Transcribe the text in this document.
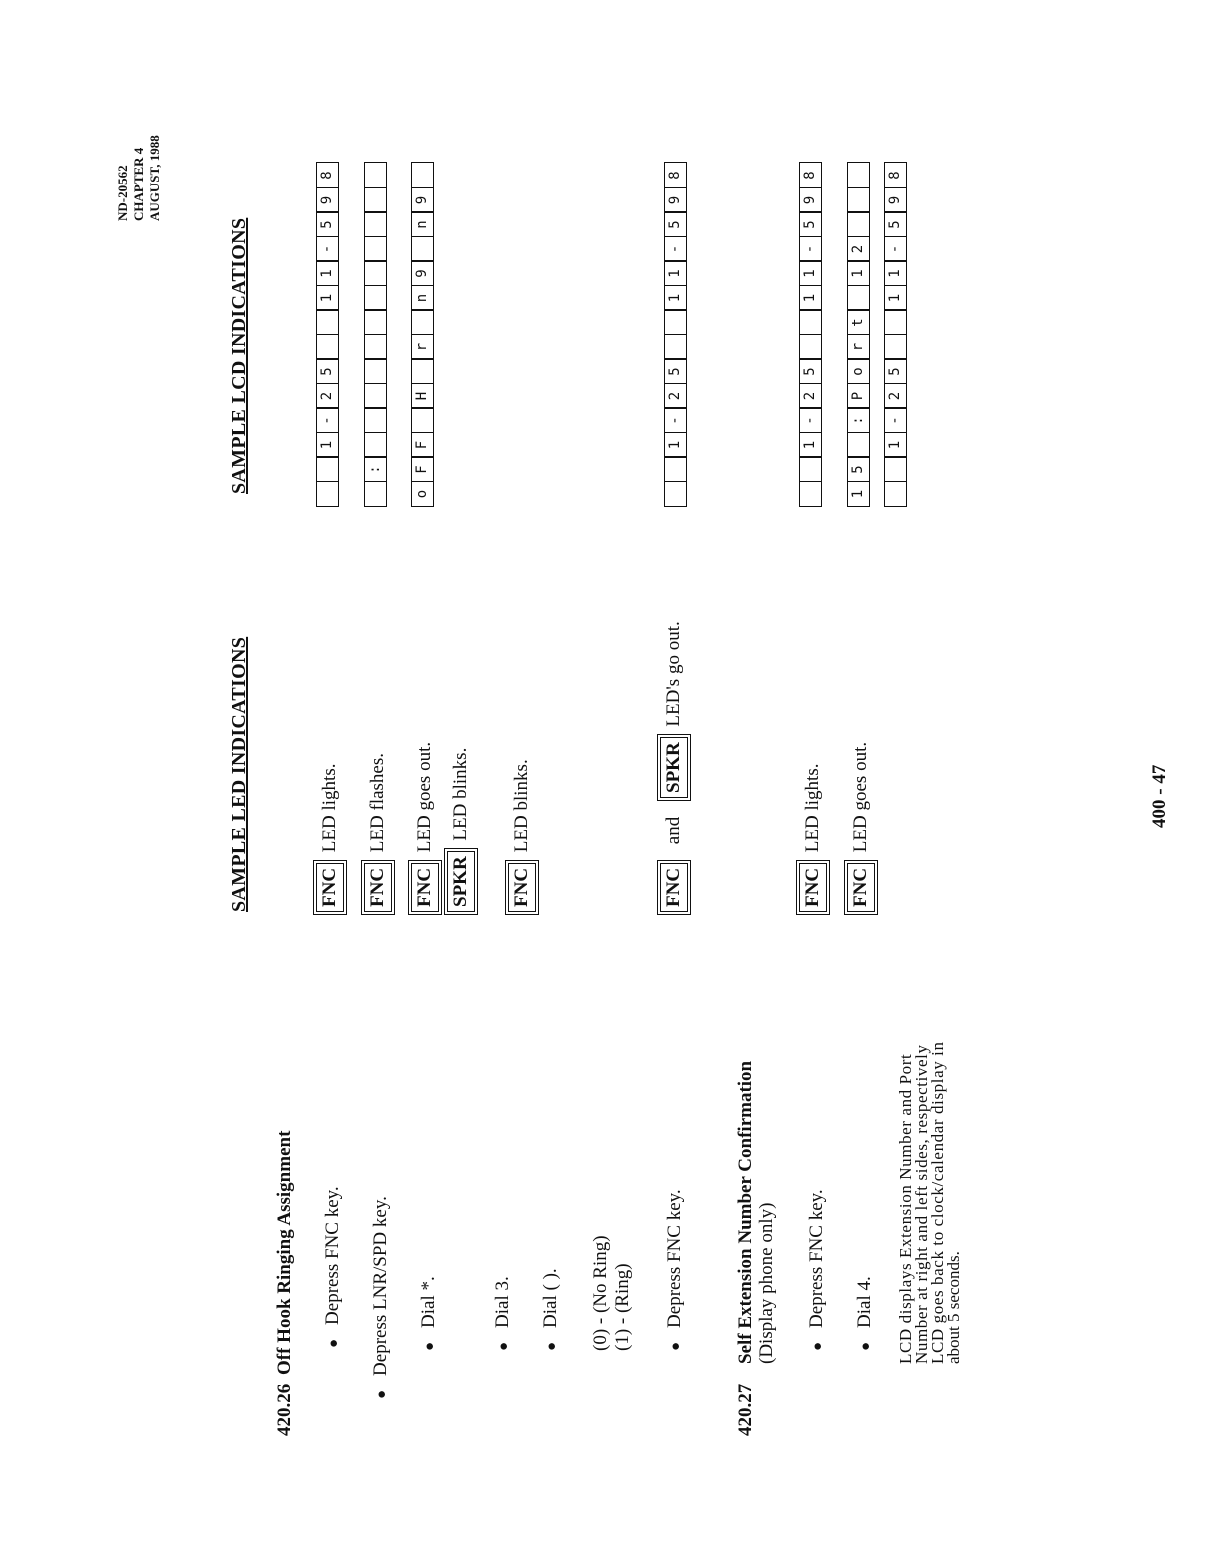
ND-20562 CHAPTER 4 AUGUST, 1988
SAMPLE LED INDICATIONS
SAMPLE LCD INDICATIONS
420.26 Off Hook Ringing Assignment ● Depress FNC key. ● Depress LNR/SPD key. ● Dial *.	● Dial 3. ● Dial ( ). (0) - (No Ring) (1) - (Ring) ● Depress FNC key.
FNC LED lights.
FNC LED flashes.
FNC LED goes out.
SPKR LED blinks.
FNC LED blinks.
FNC and SPKR LED's go out.
1
-
2
5
1
1
-
5
9
8
:
o
F
F
H
r
n
9
n
9
1
-
2
5
1
1
-
5
9
8
420.27
Self Extension Number Confirmation (Display phone only) ● Depress FNC key. ● Dial 4. LCD displays Extension Number and Port
Number at right and left sides, respectively
LCD goes back to clock/calendar display in
about 5 seconds.
FNC LED lights.
FNC LED goes out.
1
-
2
5
1
1
-
5
9
8
1
5
:
P
o
r
t
1
2
1
-
2
5
1
1
-
5
9
8
400 - 47
